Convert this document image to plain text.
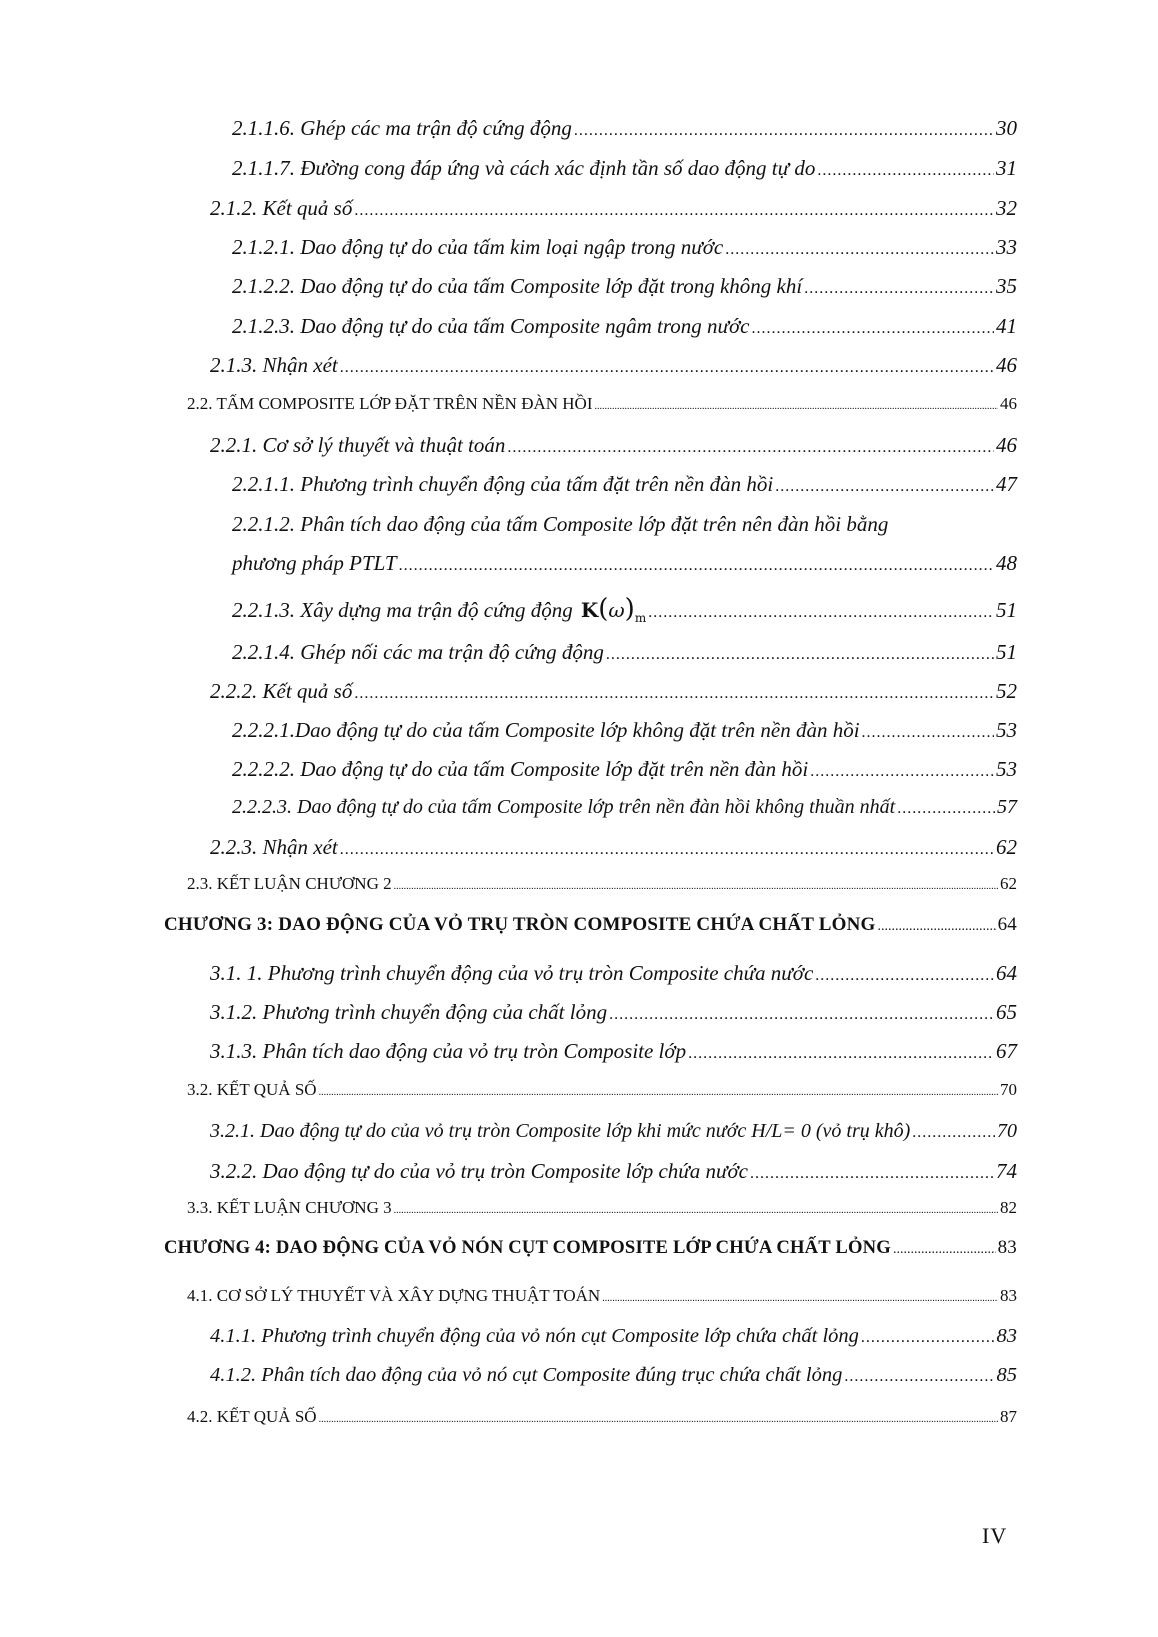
2.1.1.6. Ghép các ma trận độ cứng động .....	30
2.1.1.7. Đường cong đáp ứng và cách xác định tần số dao động tự do .....	31
2.1.2. Kết quả số .....	32
2.1.2.1. Dao động tự do của tấm kim loại ngập trong nước .....	33
2.1.2.2. Dao động tự do của tấm Composite lớp đặt trong không khí .....	35
2.1.2.3. Dao động tự do của tấm Composite ngâm trong nước .....	41
2.1.3. Nhận xét .....	46
2.2. TẤM COMPOSITE LỚP ĐẶT TRÊN NỀN ĐÀN HỒI .....	46
2.2.1. Cơ sở lý thuyết và thuật toán .....	46
2.2.1.1. Phương trình chuyển động của tấm đặt trên nền đàn hồi .....	47
2.2.1.2. Phân tích dao động của tấm Composite lớp đặt trên nên đàn hồi bằng
phương pháp PTLT .....	48
2.2.1.3. Xây dựng ma trận độ cứng động $K(\omega)_m$ .....	51
2.2.1.4. Ghép nối các ma trận độ cứng động .....	51
2.2.2. Kết quả số .....	52
2.2.2.1.Dao động tự do của tấm Composite lớp không đặt trên nền đàn hồi .....	53
2.2.2.2. Dao động tự do của tấm Composite lớp đặt trên nền đàn hồi .....	53
2.2.2.3. Dao động tự do của tấm Composite lớp trên nền đàn hồi không thuần nhất .....	57
2.2.3. Nhận xét .....	62
2.3. KẾT LUẬN CHƯƠNG 2 .....	62
CHƯƠNG 3: DAO ĐỘNG CỦA VỎ TRỤ TRÒN COMPOSITE CHỨA CHẤT LỎNG .....	64
3.1. 1. Phương trình chuyển động của vỏ trụ tròn Composite chứa nước .....	64
3.1.2. Phương trình chuyển động của chất lỏng .....	65
3.1.3. Phân tích dao động của vỏ trụ tròn Composite lớp .....	67
3.2. KẾT QUẢ SỐ .....	70
3.2.1. Dao động tự do của vỏ trụ tròn Composite lớp khi mức nước H/L= 0 (vỏ trụ khô) .....	70
3.2.2. Dao động tự do của vỏ trụ tròn Composite lớp chứa nước .....	74
3.3. KẾT LUẬN CHƯƠNG 3 .....	82
CHƯƠNG 4: DAO ĐỘNG CỦA VỎ NÓN CỤT COMPOSITE LỚP CHỨA CHẤT LỎNG .....	83
4.1. CƠ SỞ LÝ THUYẾT VÀ XÂY DỰNG THUẬT TOÁN .....	83
4.1.1. Phương trình chuyển động của vỏ nón cụt Composite lớp chứa chất lỏng .....	83
4.1.2. Phân tích dao động của vỏ nó cụt Composite đúng trục chứa chất lỏng .....	85
4.2. KẾT QUẢ SỐ .....	87
IV
